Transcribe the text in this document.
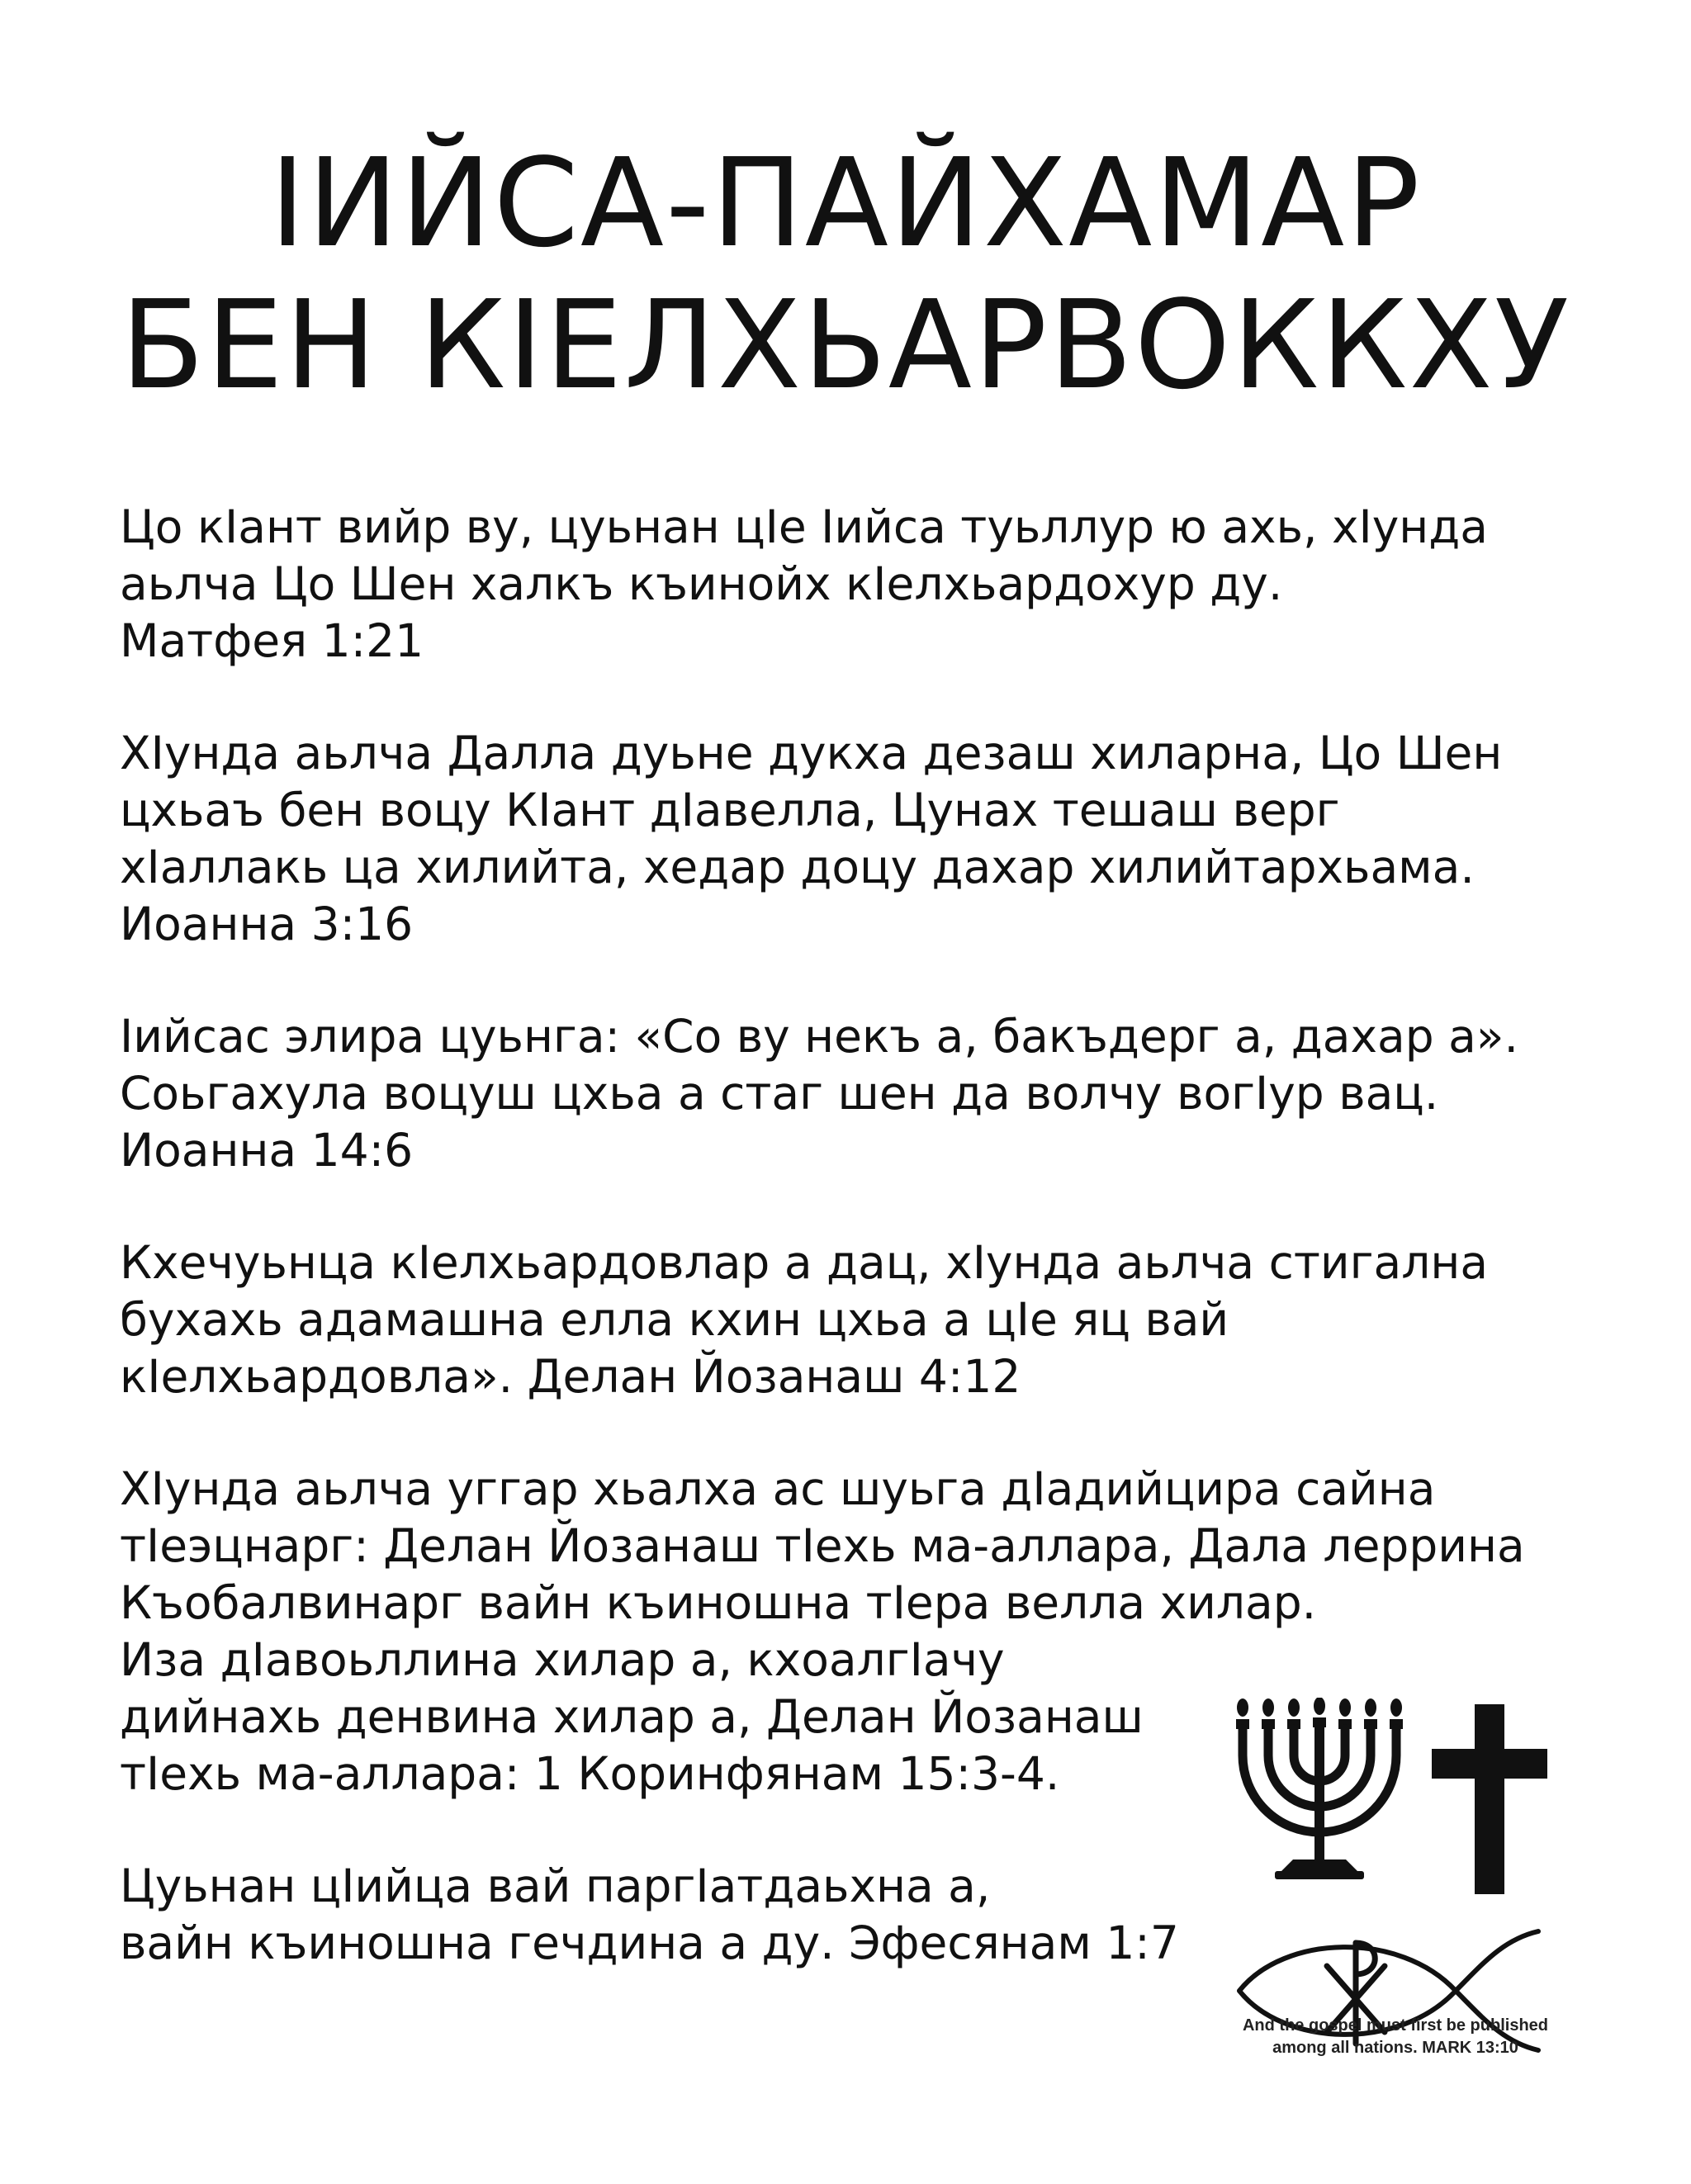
ІИЙСА-ПАЙХАМАР
БЕН КІЕЛХЬАРВОККХУ

Цо кIант вийр ву, цуьнан цIе Iийса туьллур ю ахь, хIунда
аьлча Цо Шен халкъ къинойх кIелхьардохур ду.
Матфея 1:21

ХIунда аьлча Далла дуьне дукха дезаш хиларна, Цо Шен
цхьаъ бен воцу КIант дIавелла, Цунах тешаш верг
хIаллакь ца хилийта, хедар доцу дахар хилийтархьама.
Иоанна 3:16

Iийсас элира цуьнга: «Со ву некъ а, бакъдерг а, дахар а».
Соьгахула воцуш цхьа а стаг шен да волчу вогIур вац.
Иоанна 14:6

Кхечуьнца кIелхьардовлар а дац, хIунда аьлча стигална
бухахь адамашна елла кхин цхьа а цIе яц вай
кIелхьардовла». Делан Йозанаш 4:12

ХIунда аьлча уггар хьалха ас шуьга дIадийцира сайна
тIеэцнарг: Делан Йозанаш тIехь ма-аллара, Дала леррина
Къобалвинарг вайн къиношна тIера велла хилар.
Иза дIавоьллина хилар а, кхоалгIачу
дийнахь денвина хилар а, Делан Йозанаш
тIехь ма-аллара: 1 Коринфянам 15:3-4.

Цуьнан цIийца вай паргIатдаьхна а,
вайн къиношна гечдина а ду. Эфесянам 1:7

And the gospel must first be published
among all nations. MARK 13:10
